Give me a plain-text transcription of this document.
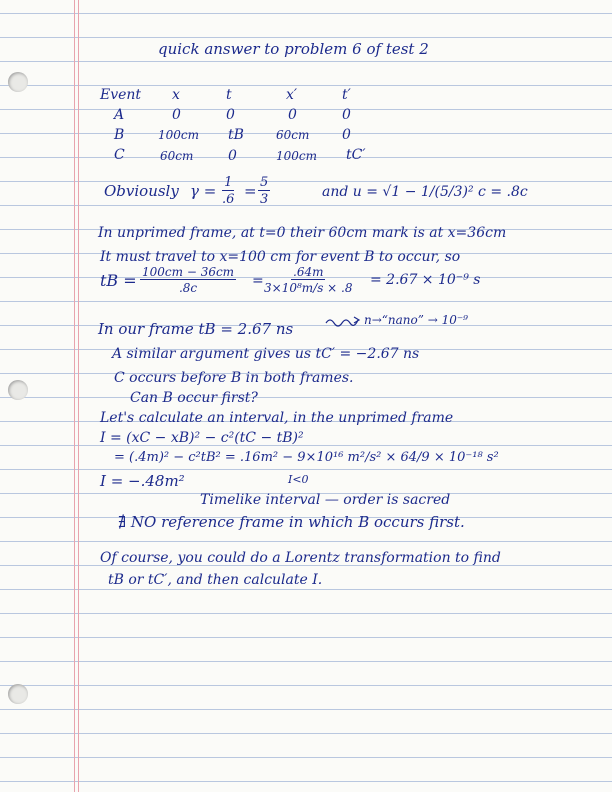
quick answer to problem 6 of test 2
Event x	t	x′	t′
A	0	0	0	0
B	100cm tB	60cm 0
C	60cm 0	100cm tC′
Obviously $\gamma = \frac{1}{.6} = \frac{5}{3}$	and u = √1 − 1/(5/3)² c = .8c
In unprimed frame, at t=0 their 60cm mark is at x=36cm
It must travel to x=100 cm for event B to occur, so
tB = $\frac{100cm - 36cm}{.8c} = \frac{.64m}{\text{3×10⁸m/s × .8}} = 2.67 \times 10^{-9}$ s
In our frame tB = 2.67 ns	n→“nano” → 10⁻⁹
A similar argument gives us tC′ = −2.67 ns
C occurs before B in both frames.
Can B occur first?
Let's calculate an interval, in the unprimed frame
I = (xC − xB)² − c²(tC − tB)²
= (.4m)² − c²tB² = .16m² − 9×10¹⁶ m²/s² × 64/9 × 10⁻¹⁸ s²
I = −.48m²	I<0
Timelike interval — order is sacred
∄ NO reference frame in which B occurs first.
Of course, you could do a Lorentz transformation to find
tB or tC′, and then calculate I.
